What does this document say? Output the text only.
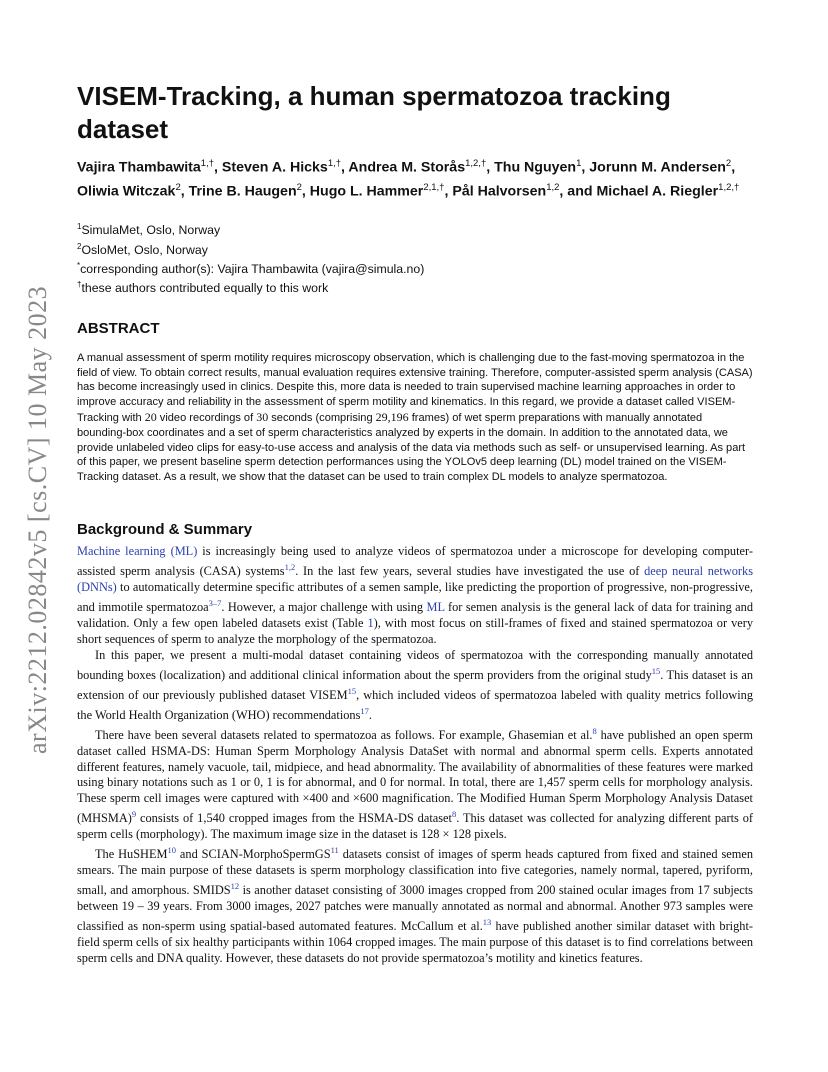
arXiv:2212.02842v5 [cs.CV] 10 May 2023
VISEM-Tracking, a human spermatozoa tracking dataset
Vajira Thambawita$^{1,\dagger}$, Steven A. Hicks$^{1,\dagger}$, Andrea M. Storås$^{1,2,\dagger}$, Thu Nguyen$^1$, Jorunn M. Andersen$^2$, Oliwia Witczak$^2$, Trine B. Haugen$^2$, Hugo L. Hammer$^{2,1,\dagger}$, Pål Halvorsen$^{1,2}$, and Michael A. Riegler$^{1,2,\dagger}$
$^1$SimulaMet, Oslo, Norway
$^2$OsloMet, Oslo, Norway
*corresponding author(s): Vajira Thambawita (vajira@simula.no)
†these authors contributed equally to this work
ABSTRACT

A manual assessment of sperm motility requires microscopy observation, which is challenging due to the fast-moving spermatozoa in the field of view. To obtain correct results, manual evaluation requires extensive training. Therefore, computer-assisted sperm analysis (CASA) has become increasingly used in clinics. Despite this, more data is needed to train supervised machine learning approaches in order to improve accuracy and reliability in the assessment of sperm motility and kinematics. In this regard, we provide a dataset called VISEM-Tracking with 20 video recordings of 30 seconds (comprising 29,196 frames) of wet sperm preparations with manually annotated bounding-box coordinates and a set of sperm characteristics analyzed by experts in the domain. In addition to the annotated data, we provide unlabeled video clips for easy-to-use access and analysis of the data via methods such as self- or unsupervised learning. As part of this paper, we present baseline sperm detection performances using the YOLOv5 deep learning (DL) model trained on the VISEM-Tracking dataset. As a result, we show that the dataset can be used to train complex DL models to analyze spermatozoa.

Background & Summary

Machine learning (ML) is increasingly being used to analyze videos of spermatozoa under a microscope for developing computer-assisted sperm analysis (CASA) systems$^{1,2}$. In the last few years, several studies have investigated the use of deep neural networks (DNNs) to automatically determine specific attributes of a semen sample, like predicting the proportion of progressive, non-progressive, and immotile spermatozoa$^{3-7}$. However, a major challenge with using ML for semen analysis is the general lack of data for training and validation. Only a few open labeled datasets exist (Table 1), with most focus on still-frames of fixed and stained spermatozoa or very short sequences of sperm to analyze the morphology of the spermatozoa.

In this paper, we present a multi-modal dataset containing videos of spermatozoa with the corresponding manually annotated bounding boxes (localization) and additional clinical information about the sperm providers from the original study$^{15}$. This dataset is an extension of our previously published dataset VISEM$^{15}$, which included videos of spermatozoa labeled with quality metrics following the World Health Organization (WHO) recommendations$^{17}$.

There have been several datasets related to spermatozoa as follows. For example, Ghasemian et al.$^8$ have published an open sperm dataset called HSMA-DS: Human Sperm Morphology Analysis DataSet with normal and abnormal sperm cells. Experts annotated different features, namely vacuole, tail, midpiece, and head abnormality. The availability of abnormalities of these features were marked using binary notations such as 1 or 0, 1 is for abnormal, and 0 for normal. In total, there are 1,457 sperm cells for morphology analysis. These sperm cell images were captured with ×400 and ×600 magnification. The Modified Human Sperm Morphology Analysis Dataset (MHSMA)$^9$ consists of 1,540 cropped images from the HSMA-DS dataset$^8$. This dataset was collected for analyzing different parts of sperm cells (morphology). The maximum image size in the dataset is 128 × 128 pixels.

The HuSHEM$^{10}$ and SCIAN-MorphoSpermGS$^{11}$ datasets consist of images of sperm heads captured from fixed and stained semen smears. The main purpose of these datasets is sperm morphology classification into five categories, namely normal, tapered, pyriform, small, and amorphous. SMIDS$^{12}$ is another dataset consisting of 3000 images cropped from 200 stained ocular images from 17 subjects between 19 – 39 years. From 3000 images, 2027 patches were manually annotated as normal and abnormal. Another 973 samples were classified as non-sperm using spatial-based automated features. McCallum et al.$^{13}$ have published another similar dataset with bright-field sperm cells of six healthy participants within 1064 cropped images. The main purpose of this dataset is to find correlations between sperm cells and DNA quality. However, these datasets do not provide spermatozoa’s motility and kinetics features.
